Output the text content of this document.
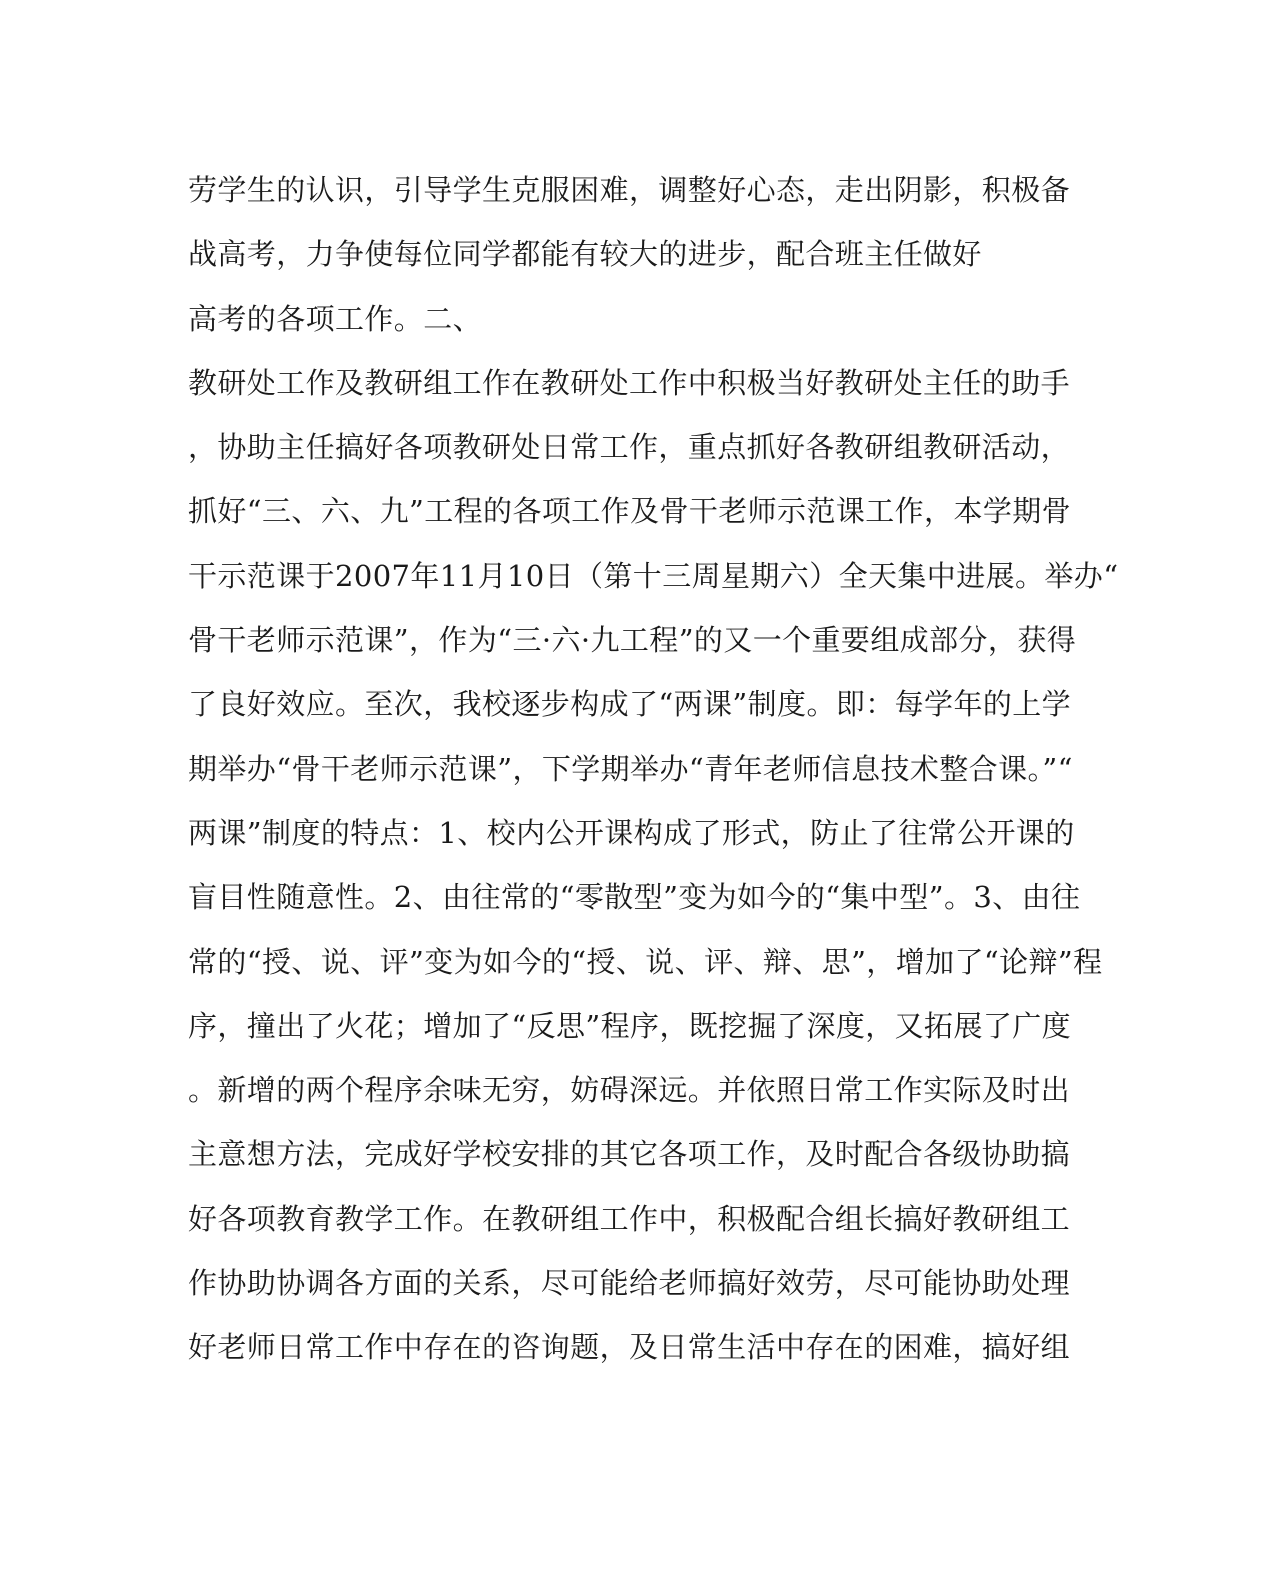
劳学生的认识，引导学生克服困难，调整好心态，走出阴影，积极备
战高考，力争使每位同学都能有较大的进步，配合班主任做好
高考的各项工作。二、
教研处工作及教研组工作在教研处工作中积极当好教研处主任的助手
，协助主任搞好各项教研处日常工作，重点抓好各教研组教研活动，
抓好“三、六、九”工程的各项工作及骨干老师示范课工作，本学期骨
干示范课于2007年11月10日（第十三周星期六）全天集中进展。举办“
骨干老师示范课”，作为“三·六·九工程”的又一个重要组成部分，获得
了良好效应。至次，我校逐步构成了“两课”制度。即：每学年的上学
期举办“骨干老师示范课”，下学期举办“青年老师信息技术整合课。”“
两课”制度的特点：1、校内公开课构成了形式，防止了往常公开课的
盲目性随意性。2、由往常的“零散型”变为如今的“集中型”。3、由往
常的“授、说、评”变为如今的“授、说、评、辩、思”，增加了“论辩”程
序，撞出了火花；增加了“反思”程序，既挖掘了深度，又拓展了广度
。新增的两个程序余味无穷，妨碍深远。并依照日常工作实际及时出
主意想方法，完成好学校安排的其它各项工作，及时配合各级协助搞
好各项教育教学工作。在教研组工作中，积极配合组长搞好教研组工
作协助协调各方面的关系，尽可能给老师搞好效劳，尽可能协助处理
好老师日常工作中存在的咨询题，及日常生活中存在的困难，搞好组
